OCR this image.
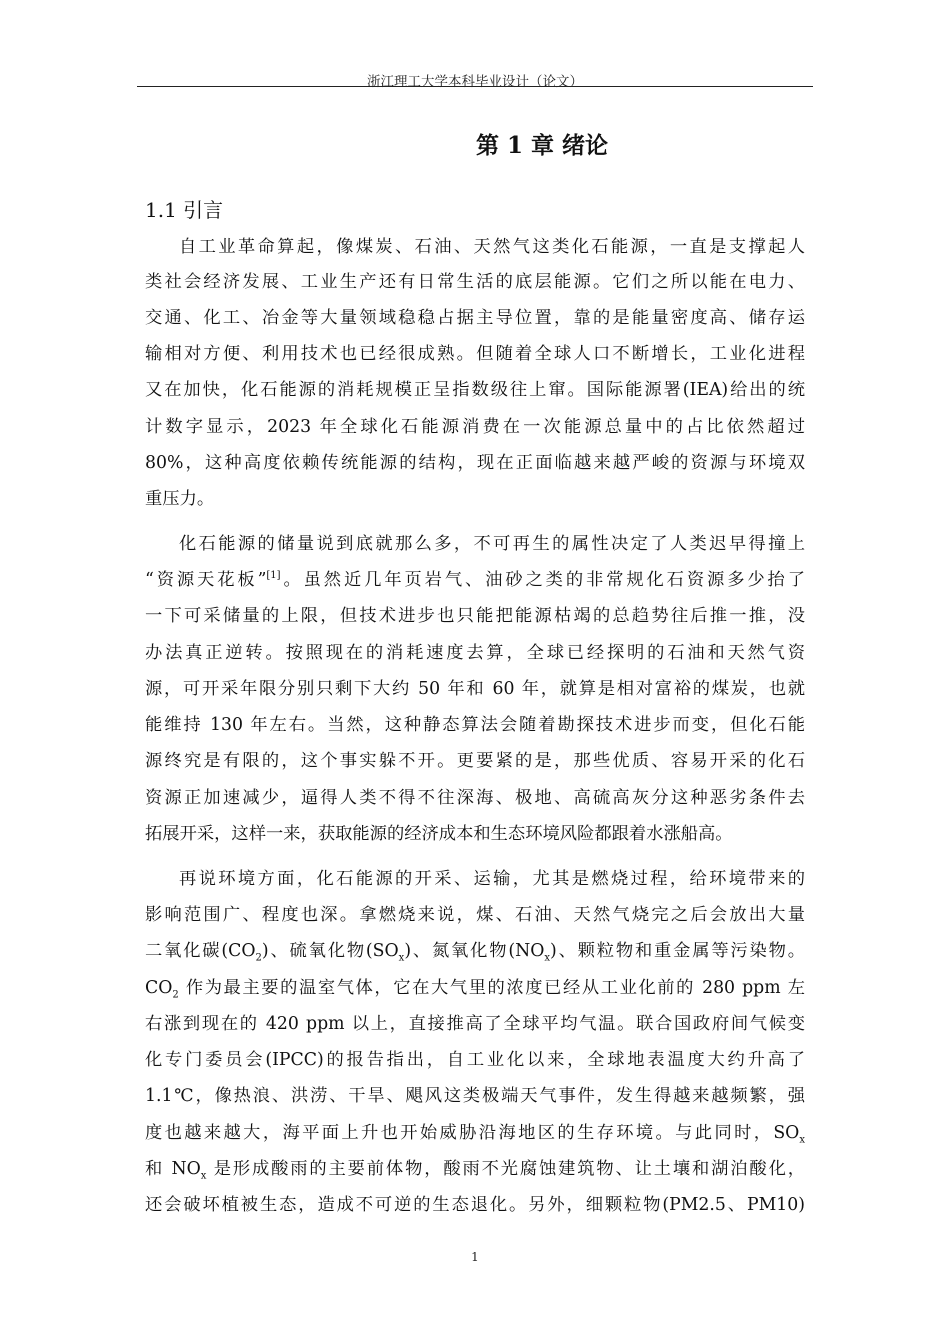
浙江理工大学本科毕业设计（论文）
第 1 章 绪论
1.1 引言
自工业革命算起，像煤炭、石油、天然气这类化石能源，一直是支撑起人
类社会经济发展、工业生产还有日常生活的底层能源。它们之所以能在电力、
交通、化工、冶金等大量领域稳稳占据主导位置，靠的是能量密度高、储存运
输相对方便、利用技术也已经很成熟。但随着全球人口不断增长，工业化进程
又在加快，化石能源的消耗规模正呈指数级往上窜。国际能源署(IEA)给出的统
计数字显示，2023 年全球化石能源消费在一次能源总量中的占比依然超过
80%，这种高度依赖传统能源的结构，现在正面临越来越严峻的资源与环境双
重压力。
化石能源的储量说到底就那么多，不可再生的属性决定了人类迟早得撞上
“资源天花板”[1]。虽然近几年页岩气、油砂之类的非常规化石资源多少抬了
一下可采储量的上限，但技术进步也只能把能源枯竭的总趋势往后推一推，没
办法真正逆转。按照现在的消耗速度去算，全球已经探明的石油和天然气资
源，可开采年限分别只剩下大约 50 年和 60 年，就算是相对富裕的煤炭，也就
能维持 130 年左右。当然，这种静态算法会随着勘探技术进步而变，但化石能
源终究是有限的，这个事实躲不开。更要紧的是，那些优质、容易开采的化石
资源正加速减少，逼得人类不得不往深海、极地、高硫高灰分这种恶劣条件去
拓展开采，这样一来，获取能源的经济成本和生态环境风险都跟着水涨船高。
再说环境方面，化石能源的开采、运输，尤其是燃烧过程，给环境带来的
影响范围广、程度也深。拿燃烧来说，煤、石油、天然气烧完之后会放出大量
二氧化碳$(CO_2)$、硫氧化物$(SO_x)$、氮氧化物$(NO_x)$、颗粒物和重金属等污染物。
$CO_2$ 作为最主要的温室气体，它在大气里的浓度已经从工业化前的 280 ppm 左
右涨到现在的 420 ppm 以上，直接推高了全球平均气温。联合国政府间气候变
化专门委员会(IPCC)的报告指出，自工业化以来，全球地表温度大约升高了
1.1℃，像热浪、洪涝、干旱、飓风这类极端天气事件，发生得越来越频繁，强
度也越来越大，海平面上升也开始威胁沿海地区的生存环境。与此同时，$SO_x$
和 $NO_x$ 是形成酸雨的主要前体物，酸雨不光腐蚀建筑物、让土壤和湖泊酸化，
还会破坏植被生态，造成不可逆的生态退化。另外，细颗粒物(PM2.5、PM10)
1
